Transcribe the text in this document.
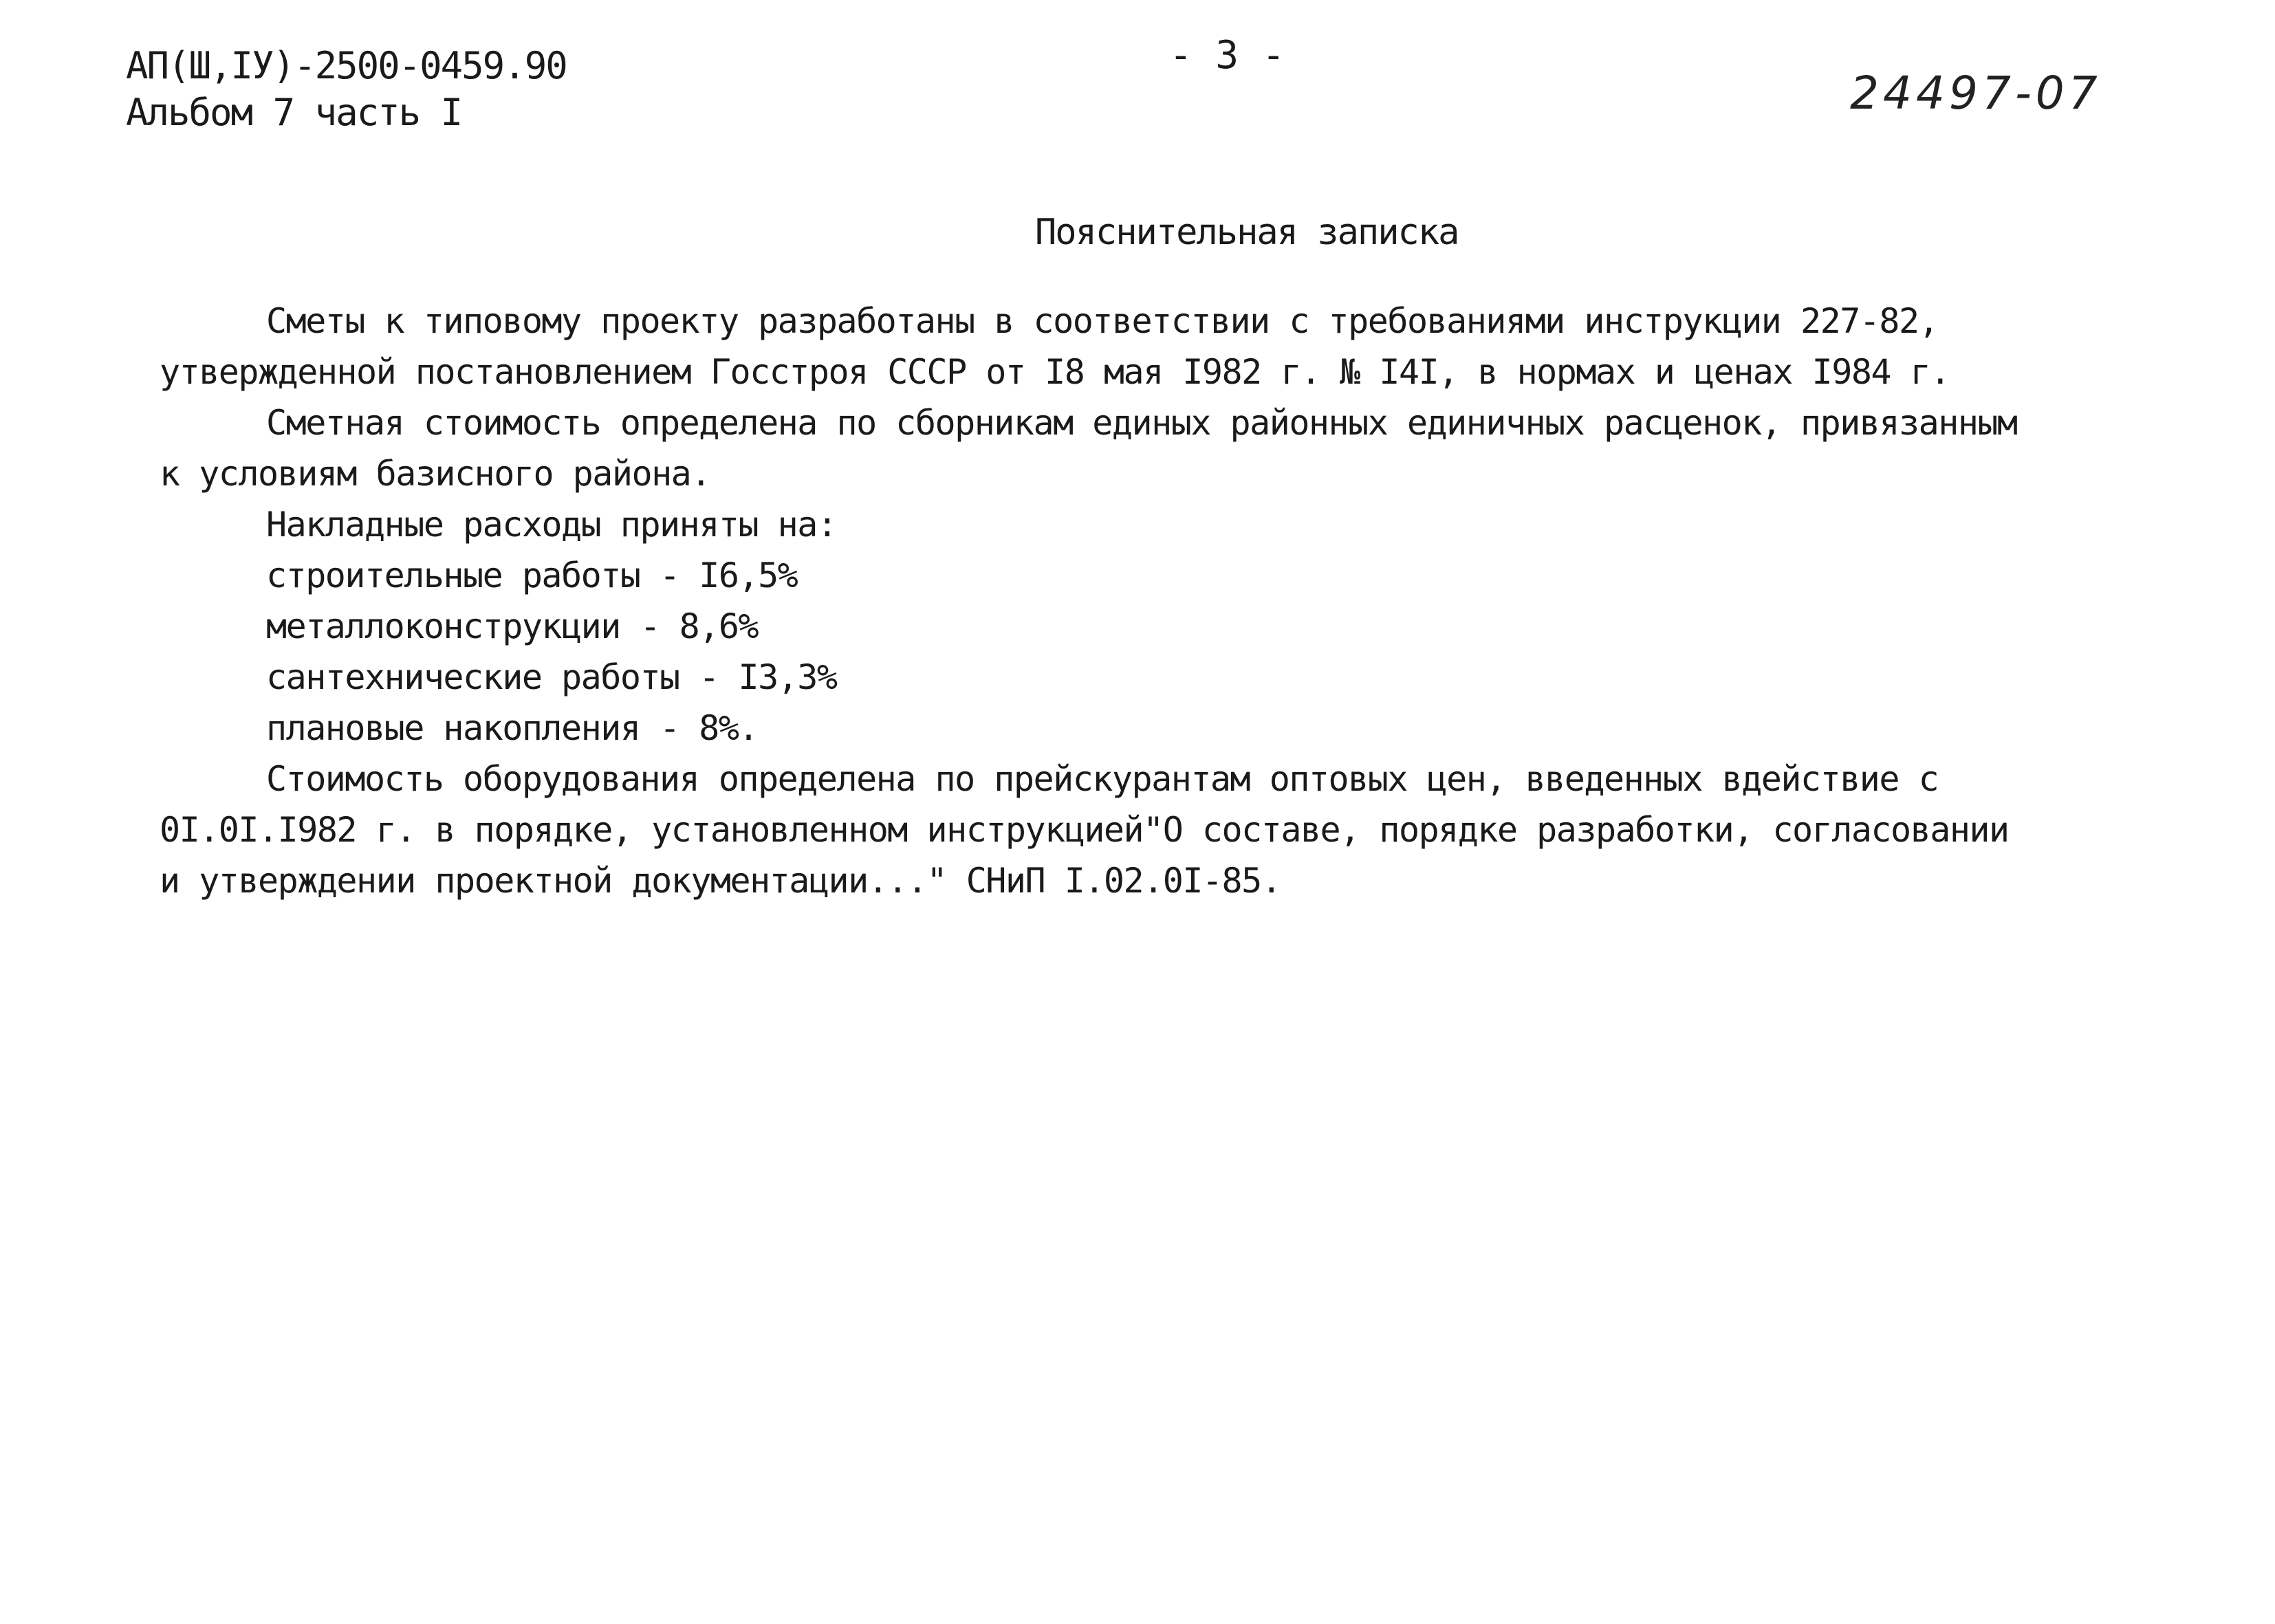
АП(Ш,IУ)-2500-0459.90
Альбом 7 часть I
- 3 -
24497-07
Пояснительная записка
Сметы к типовому проекту разработаны в соответствии с требованиями инструкции 227-82,
утвержденной постановлением Госстроя СССР от I8 мая I982 г. № I4I, в нормах и ценах I984 г.
Сметная стоимость определена по сборникам единых районных единичных расценок, привязанным
к условиям базисного района.
Накладные расходы приняты на:
строительные работы - I6,5%
металлоконструкции - 8,6%
сантехнические работы - I3,3%
плановые накопления - 8%.
Стоимость оборудования определена по прейскурантам оптовых цен, введенных вдействие с
0I.0I.I982 г. в порядке, установленном инструкцией"О составе, порядке разработки, согласовании
и утверждении проектной документации..." СНиП I.02.0I-85.
